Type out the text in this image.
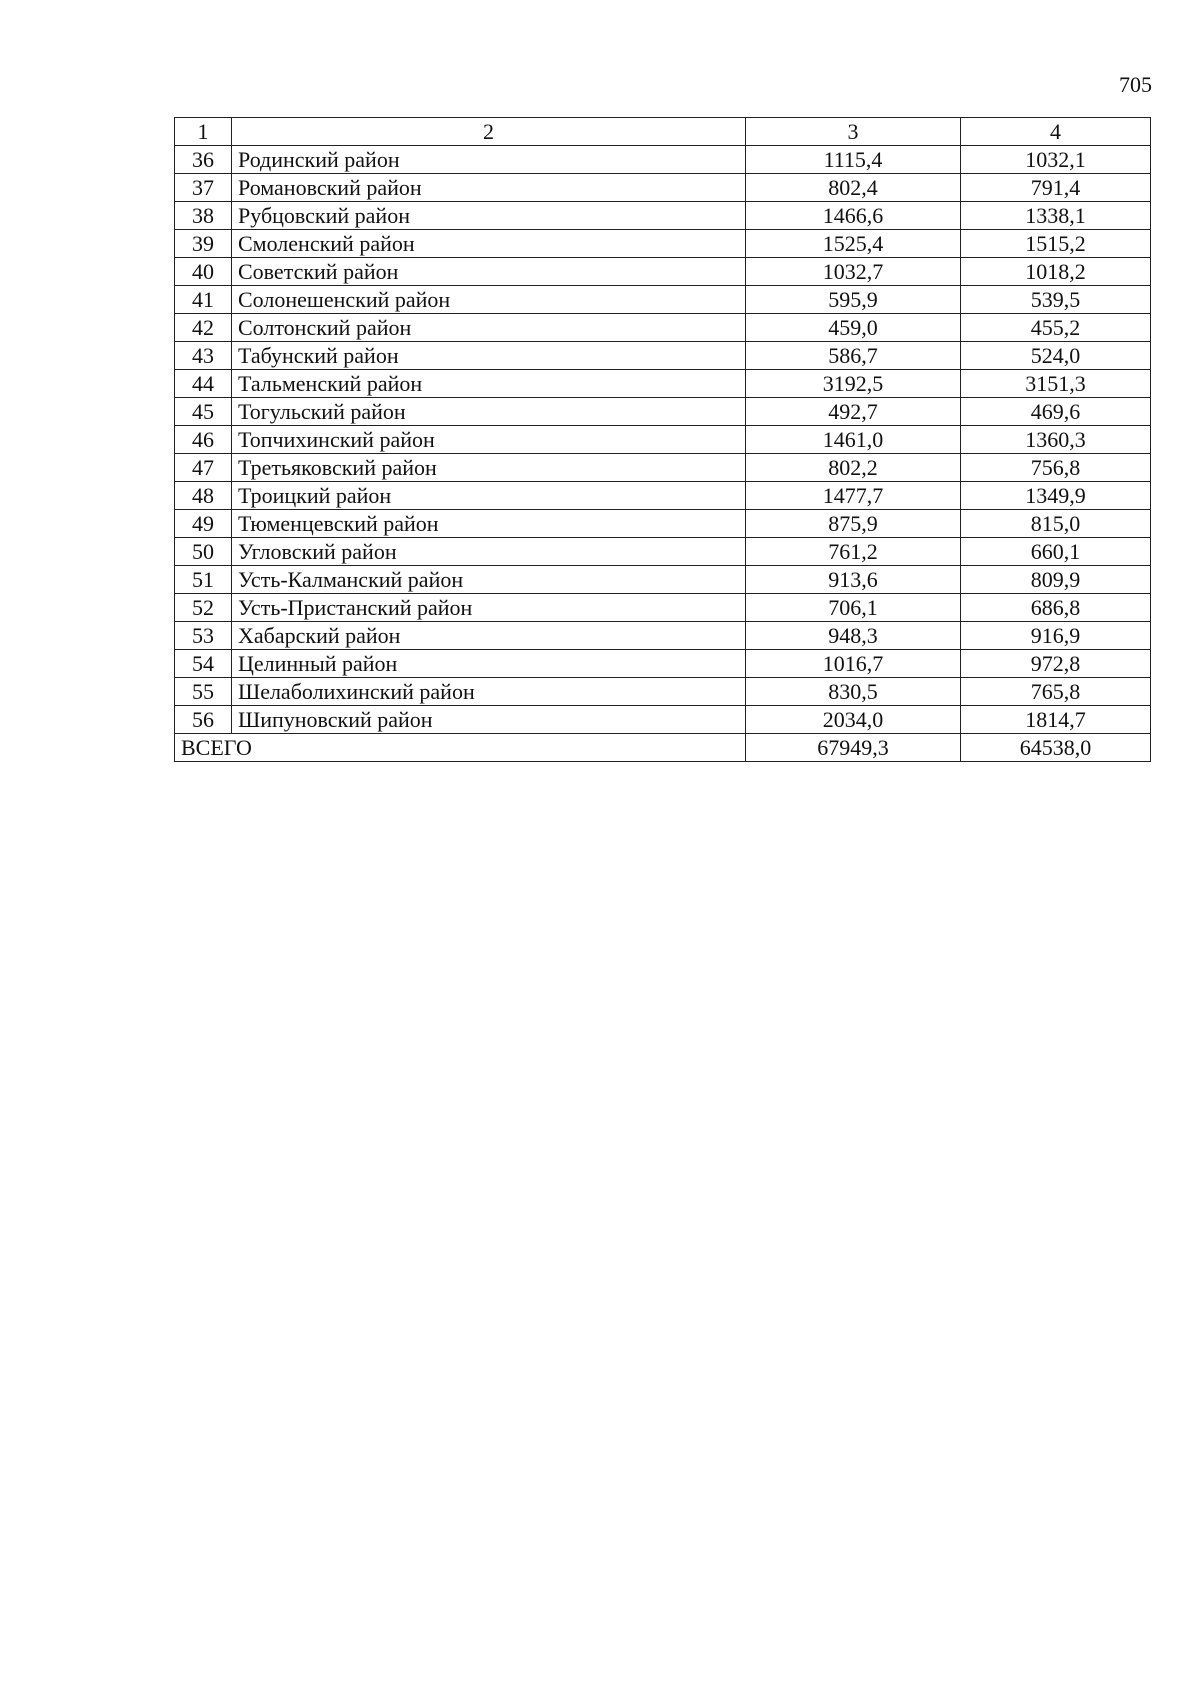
705
1	2	3	4
36	Родинский район	1115,4	1032,1
37	Романовский район	802,4	791,4
38	Рубцовский район	1466,6	1338,1
39	Смоленский район	1525,4	1515,2
40	Советский район	1032,7	1018,2
41	Солонешенский район	595,9	539,5
42	Солтонский район	459,0	455,2
43	Табунский район	586,7	524,0
44	Тальменский район	3192,5	3151,3
45	Тогульский район	492,7	469,6
46	Топчихинский район	1461,0	1360,3
47	Третьяковский район	802,2	756,8
48	Троицкий район	1477,7	1349,9
49	Тюменцевский район	875,9	815,0
50	Угловский район	761,2	660,1
51	Усть-Калманский район	913,6	809,9
52	Усть-Пристанский район	706,1	686,8
53	Хабарский район	948,3	916,9
54	Целинный район	1016,7	972,8
55	Шелаболихинский район	830,5	765,8
56	Шипуновский район	2034,0	1814,7
ВСЕГО		67949,3	64538,0
